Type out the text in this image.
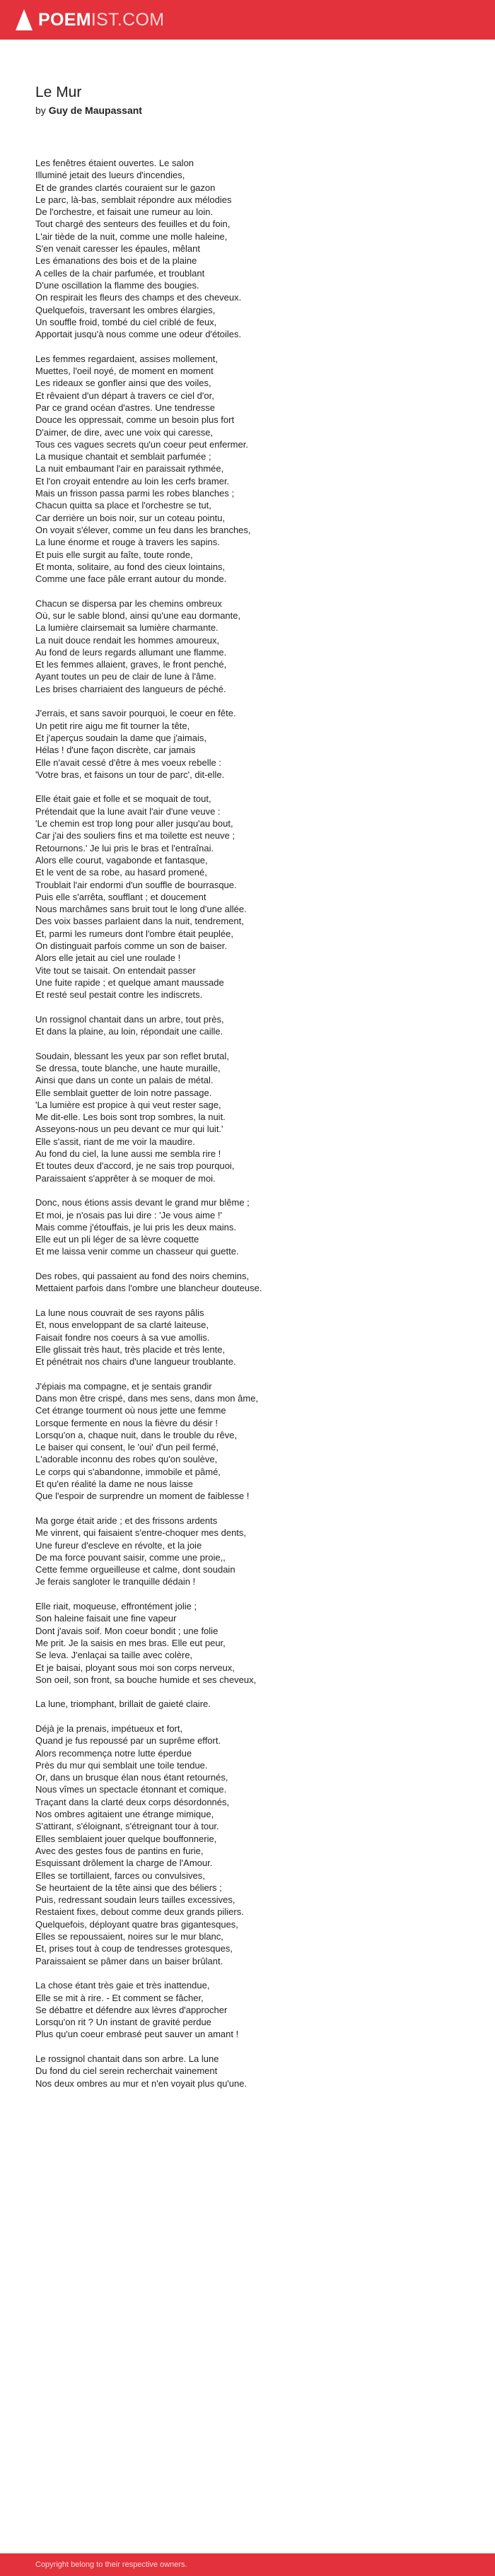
POEMIST.COM
Le Mur
by Guy de Maupassant
Les fenêtres étaient ouvertes. Le salon
Illuminé jetait des lueurs d'incendies,
Et de grandes clartés couraient sur le gazon
Le parc, là-bas, semblait répondre aux mélodies
De l'orchestre, et faisait une rumeur au loin.
Tout chargé des senteurs des feuilles et du foin,
L'air tiède de la nuit, comme une molle haleine,
S'en venait caresser les épaules, mêlant
Les émanations des bois et de la plaine
A celles de la chair parfumée, et troublant
D'une oscillation la flamme des bougies.
On respirait les fleurs des champs et des cheveux.
Quelquefois, traversant les ombres élargies,
Un souffle froid, tombé du ciel criblé de feux,
Apportait jusqu'à nous comme une odeur d'étoiles.
Les femmes regardaient, assises mollement,
Muettes, l'oeil noyé, de moment en moment
Les rideaux se gonfler ainsi que des voiles,
Et rêvaient d'un départ à travers ce ciel d'or,
Par ce grand océan d'astres. Une tendresse
Douce les oppressait, comme un besoin plus fort
D'aimer, de dire, avec une voix qui caresse,
Tous ces vagues secrets qu'un coeur peut enfermer.
La musique chantait et semblait parfumée ;
La nuit embaumant l'air en paraissait rythmée,
Et l'on croyait entendre au loin les cerfs bramer.
Mais un frisson passa parmi les robes blanches ;
Chacun quitta sa place et l'orchestre se tut,
Car derrière un bois noir, sur un coteau pointu,
On voyait s'élever, comme un feu dans les branches,
La lune énorme et rouge à travers les sapins.
Et puis elle surgit au faîte, toute ronde,
Et monta, solitaire, au fond des cieux lointains,
Comme une face pâle errant autour du monde.
Chacun se dispersa par les chemins ombreux
Où, sur le sable blond, ainsi qu'une eau dormante,
La lumière clairsemait sa lumière charmante.
La nuit douce rendait les hommes amoureux,
Au fond de leurs regards allumant une flamme.
Et les femmes allaient, graves, le front penché,
Ayant toutes un peu de clair de lune à l'âme.
Les brises charriaient des langueurs de péché.
J'errais, et sans savoir pourquoi, le coeur en fête.
Un petit rire aigu me fit tourner la tête,
Et j'aperçus soudain la dame que j'aimais,
Hélas ! d'une façon discrète, car jamais
Elle n'avait cessé d'être à mes voeux rebelle :
'Votre bras, et faisons un tour de parc', dit-elle.
Elle était gaie et folle et se moquait de tout,
Prétendait que la lune avait l'air d'une veuve :
'Le chemin est trop long pour aller jusqu'au bout,
Car j'ai des souliers fins et ma toilette est neuve ;
Retournons.' Je lui pris le bras et l'entraînai.
Alors elle courut, vagabonde et fantasque,
Et le vent de sa robe, au hasard promené,
Troublait l'air endormi d'un souffle de bourrasque.
Puis elle s'arrêta, soufflant ; et doucement
Nous marchâmes sans bruit tout le long d'une allée.
Des voix basses parlaient dans la nuit, tendrement,
Et, parmi les rumeurs dont l'ombre était peuplée,
On distinguait parfois comme un son de baiser.
Alors elle jetait au ciel une roulade !
Vite tout se taisait. On entendait passer
Une fuite rapide ; et quelque amant maussade
Et resté seul pestait contre les indiscrets.
Un rossignol chantait dans un arbre, tout près,
Et dans la plaine, au loin, répondait une caille.
Soudain, blessant les yeux par son reflet brutal,
Se dressa, toute blanche, une haute muraille,
Ainsi que dans un conte un palais de métal.
Elle semblait guetter de loin notre passage.
'La lumière est propice à qui veut rester sage,
Me dit-elle. Les bois sont trop sombres, la nuit.
Asseyons-nous un peu devant ce mur qui luit.'
Elle s'assit, riant de me voir la maudire.
Au fond du ciel, la lune aussi me sembla rire !
Et toutes deux d'accord, je ne sais trop pourquoi,
Paraissaient s'apprêter à se moquer de moi.
Donc, nous étions assis devant le grand mur blême ;
Et moi, je n'osais pas lui dire : 'Je vous aime !'
Mais comme j'étouffais, je lui pris les deux mains.
Elle eut un pli léger de sa lèvre coquette
Et me laissa venir comme un chasseur qui guette.
Des robes, qui passaient au fond des noirs chemins,
Mettaient parfois dans l'ombre une blancheur douteuse.
La lune nous couvrait de ses rayons pâlis
Et, nous enveloppant de sa clarté laiteuse,
Faisait fondre nos coeurs à sa vue amollis.
Elle glissait très haut, très placide et très lente,
Et pénétrait nos chairs d'une langueur troublante.
J'épiais ma compagne, et je sentais grandir
Dans mon être crispé, dans mes sens, dans mon âme,
Cet étrange tourment où nous jette une femme
Lorsque fermente en nous la fièvre du désir !
Lorsqu'on a, chaque nuit, dans le trouble du rêve,
Le baiser qui consent, le 'oui' d'un peil fermé,
L'adorable inconnu des robes qu'on soulève,
Le corps qui s'abandonne, immobile et pâmé,
Et qu'en réalité la dame ne nous laisse
Que l'espoir de surprendre un moment de faiblesse !
Ma gorge était aride ; et des frissons ardents
Me vinrent, qui faisaient s'entre-choquer mes dents,
Une fureur d'escleve en révolte, et la joie
De ma force pouvant saisir, comme une proie,,
Cette femme orgueilleuse et calme, dont soudain
Je ferais sangloter le tranquille dédain !
Elle riait, moqueuse, effrontément jolie ;
Son haleine faisait une fine vapeur
Dont j'avais soif. Mon coeur bondit ; une folie
Me prit. Je la saisis en mes bras. Elle eut peur,
Se leva. J'enlaçai sa taille avec colère,
Et je baisai, ployant sous moi son corps nerveux,
Son oeil, son front, sa bouche humide et ses cheveux,
La lune, triomphant, brillait de gaieté claire.
Déjà je la prenais, impétueux et fort,
Quand je fus repoussé par un suprême effort.
Alors recommença notre lutte éperdue
Près du mur qui semblait une toile tendue.
Or, dans un brusque élan nous étant retournés,
Nous vîmes un spectacle étonnant et comique.
Traçant dans la clarté deux corps désordonnés,
Nos ombres agitaient une étrange mimique,
S'attirant, s'éloignant, s'étreignant tour à tour.
Elles semblaient jouer quelque bouffonnerie,
Avec des gestes fous de pantins en furie,
Esquissant drôlement la charge de l'Amour.
Elles se tortillaient, farces ou convulsives,
Se heurtaient de la tête ainsi que des béliers ;
Puis, redressant soudain leurs tailles excessives,
Restaient fixes, debout comme deux grands piliers.
Quelquefois, déployant quatre bras gigantesques,
Elles se repoussaient, noires sur le mur blanc,
Et, prises tout à coup de tendresses grotesques,
Paraissaient se pâmer dans un baiser brûlant.
La chose étant très gaie et très inattendue,
Elle se mit à rire. - Et comment se fâcher,
Se débattre et défendre aux lèvres d'approcher
Lorsqu'on rit ? Un instant de gravité perdue
Plus qu'un coeur embrasé peut sauver un amant !
Le rossignol chantait dans son arbre. La lune
Du fond du ciel serein recherchait vainement
Nos deux ombres au mur et n'en voyait plus qu'une.
Copyright belong to their respective owners.
